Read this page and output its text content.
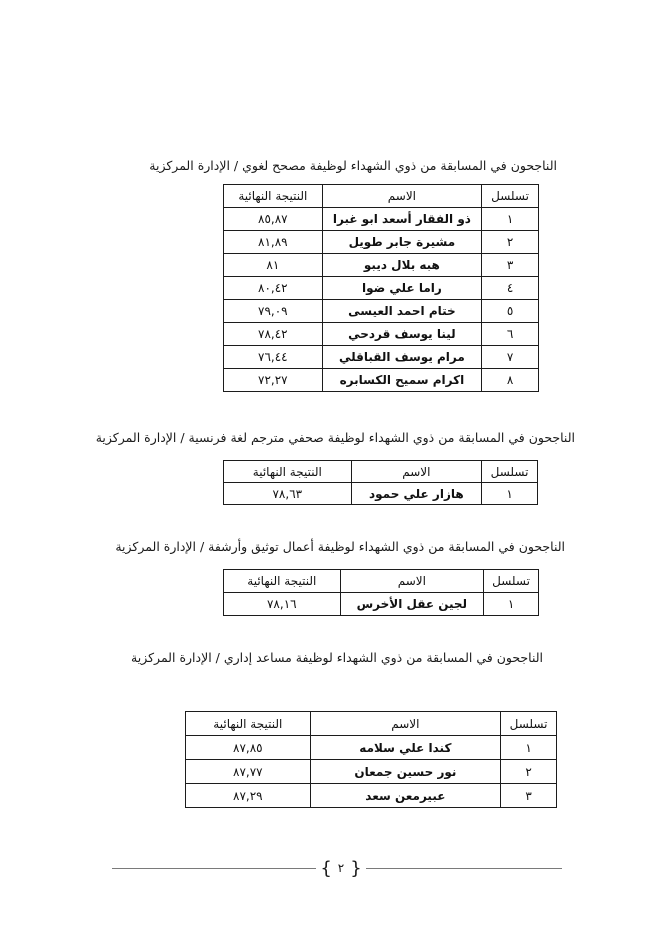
الناجحون في المسابقة من ذوي الشهداء لوظيفة مصحح لغوي / الإدارة المركزية
تسلسل	الاسم	النتيجة النهائية
١	ذو الفقار أسعد ابو غبرا	٨٥,٨٧
٢	مشيرة جابر طويل	٨١,٨٩
٣	هبه بلال ديبو	٨١
٤	راما علي ضوا	٨٠,٤٢
٥	ختام احمد العيسى	٧٩,٠٩
٦	لينا يوسف قردحي	٧٨,٤٢
٧	مرام يوسف القباقلي	٧٦,٤٤
٨	اكرام سميح الكسابره	٧٢,٢٧
الناجحون في المسابقة من ذوي الشهداء لوظيفة صحفي مترجم لغة فرنسية / الإدارة المركزية
تسلسل	الاسم	النتيجة النهائية
١	هازار علي حمود	٧٨,٦٣
الناجحون في المسابقة من ذوي الشهداء لوظيفة أعمال توثيق وأرشفة / الإدارة المركزية
تسلسل	الاسم	النتيجة النهائية
١	لجين عقل الأخرس	٧٨,١٦
الناجحون في المسابقة من ذوي الشهداء لوظيفة مساعد إداري / الإدارة المركزية
تسلسل	الاسم	النتيجة النهائية
١	كندا علي سلامه	٨٧,٨٥
٢	نور حسين جمعان	٨٧,٧٧
٣	عبيرمعن سعد	٨٧,٢٩
{ ٢ }
